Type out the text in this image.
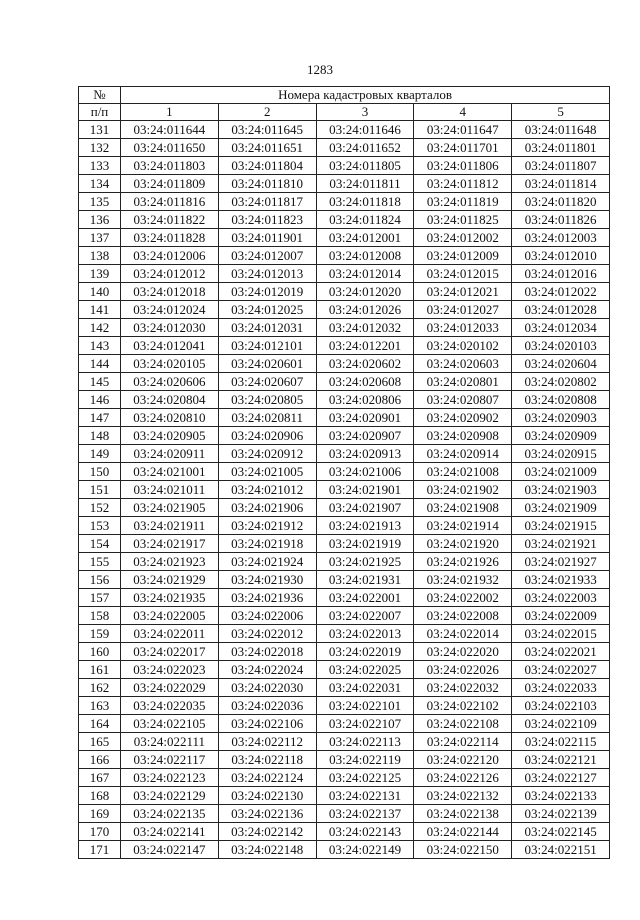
1283
№	Номера кадастровых кварталов				
п/п	1	2	3	4	5
131	03:24:011644	03:24:011645	03:24:011646	03:24:011647	03:24:011648
132	03:24:011650	03:24:011651	03:24:011652	03:24:011701	03:24:011801
133	03:24:011803	03:24:011804	03:24:011805	03:24:011806	03:24:011807
134	03:24:011809	03:24:011810	03:24:011811	03:24:011812	03:24:011814
135	03:24:011816	03:24:011817	03:24:011818	03:24:011819	03:24:011820
136	03:24:011822	03:24:011823	03:24:011824	03:24:011825	03:24:011826
137	03:24:011828	03:24:011901	03:24:012001	03:24:012002	03:24:012003
138	03:24:012006	03:24:012007	03:24:012008	03:24:012009	03:24:012010
139	03:24:012012	03:24:012013	03:24:012014	03:24:012015	03:24:012016
140	03:24:012018	03:24:012019	03:24:012020	03:24:012021	03:24:012022
141	03:24:012024	03:24:012025	03:24:012026	03:24:012027	03:24:012028
142	03:24:012030	03:24:012031	03:24:012032	03:24:012033	03:24:012034
143	03:24:012041	03:24:012101	03:24:012201	03:24:020102	03:24:020103
144	03:24:020105	03:24:020601	03:24:020602	03:24:020603	03:24:020604
145	03:24:020606	03:24:020607	03:24:020608	03:24:020801	03:24:020802
146	03:24:020804	03:24:020805	03:24:020806	03:24:020807	03:24:020808
147	03:24:020810	03:24:020811	03:24:020901	03:24:020902	03:24:020903
148	03:24:020905	03:24:020906	03:24:020907	03:24:020908	03:24:020909
149	03:24:020911	03:24:020912	03:24:020913	03:24:020914	03:24:020915
150	03:24:021001	03:24:021005	03:24:021006	03:24:021008	03:24:021009
151	03:24:021011	03:24:021012	03:24:021901	03:24:021902	03:24:021903
152	03:24:021905	03:24:021906	03:24:021907	03:24:021908	03:24:021909
153	03:24:021911	03:24:021912	03:24:021913	03:24:021914	03:24:021915
154	03:24:021917	03:24:021918	03:24:021919	03:24:021920	03:24:021921
155	03:24:021923	03:24:021924	03:24:021925	03:24:021926	03:24:021927
156	03:24:021929	03:24:021930	03:24:021931	03:24:021932	03:24:021933
157	03:24:021935	03:24:021936	03:24:022001	03:24:022002	03:24:022003
158	03:24:022005	03:24:022006	03:24:022007	03:24:022008	03:24:022009
159	03:24:022011	03:24:022012	03:24:022013	03:24:022014	03:24:022015
160	03:24:022017	03:24:022018	03:24:022019	03:24:022020	03:24:022021
161	03:24:022023	03:24:022024	03:24:022025	03:24:022026	03:24:022027
162	03:24:022029	03:24:022030	03:24:022031	03:24:022032	03:24:022033
163	03:24:022035	03:24:022036	03:24:022101	03:24:022102	03:24:022103
164	03:24:022105	03:24:022106	03:24:022107	03:24:022108	03:24:022109
165	03:24:022111	03:24:022112	03:24:022113	03:24:022114	03:24:022115
166	03:24:022117	03:24:022118	03:24:022119	03:24:022120	03:24:022121
167	03:24:022123	03:24:022124	03:24:022125	03:24:022126	03:24:022127
168	03:24:022129	03:24:022130	03:24:022131	03:24:022132	03:24:022133
169	03:24:022135	03:24:022136	03:24:022137	03:24:022138	03:24:022139
170	03:24:022141	03:24:022142	03:24:022143	03:24:022144	03:24:022145
171	03:24:022147	03:24:022148	03:24:022149	03:24:022150	03:24:022151
